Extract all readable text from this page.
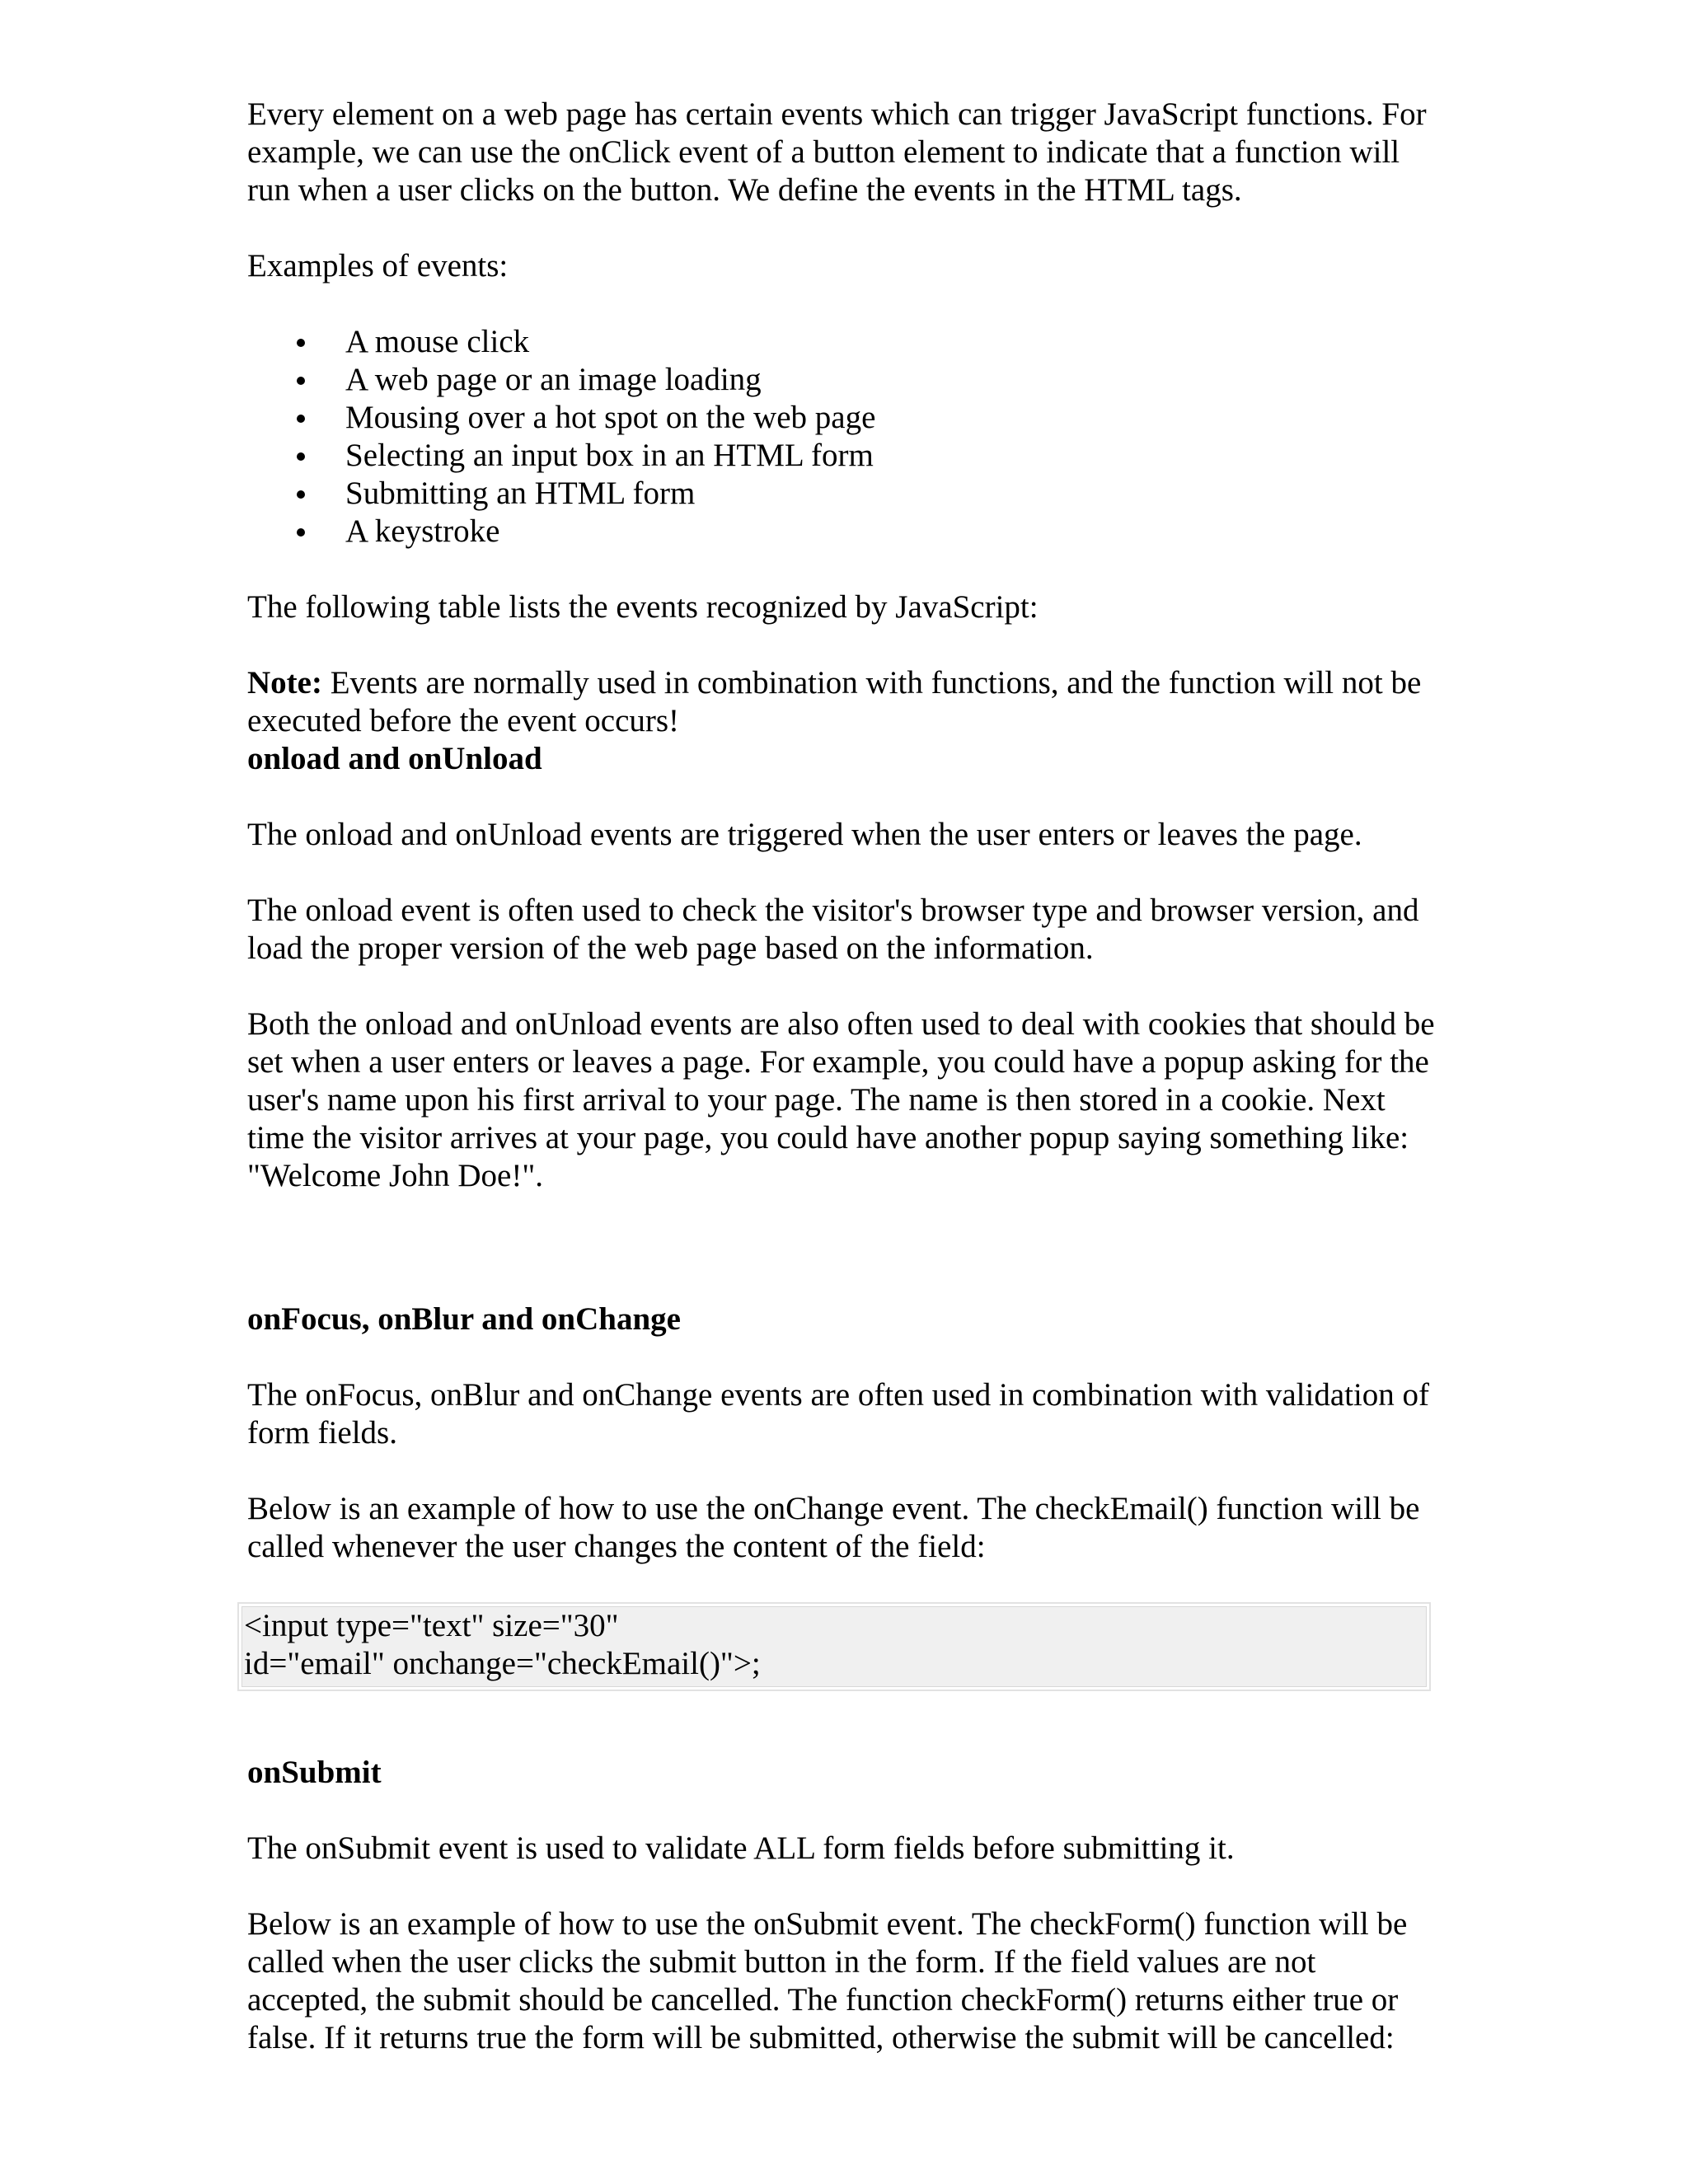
Every element on a web page has certain events which can trigger JavaScript functions. For example, we can use the onClick event of a button element to indicate that a function will run when a user clicks on the button. We define the events in the HTML tags.

Examples of events:

A mouse click
A web page or an image loading
Mousing over a hot spot on the web page
Selecting an input box in an HTML form
Submitting an HTML form
A keystroke

The following table lists the events recognized by JavaScript:

Note: Events are normally used in combination with functions, and the function will not be executed before the event occurs!

onload and onUnload

The onload and onUnload events are triggered when the user enters or leaves the page.

The onload event is often used to check the visitor's browser type and browser version, and load the proper version of the web page based on the information.

Both the onload and onUnload events are also often used to deal with cookies that should be set when a user enters or leaves a page. For example, you could have a popup asking for the user's name upon his first arrival to your page. The name is then stored in a cookie. Next time the visitor arrives at your page, you could have another popup saying something like: "Welcome John Doe!".

onFocus, onBlur and onChange

The onFocus, onBlur and onChange events are often used in combination with validation of form fields.

Below is an example of how to use the onChange event. The checkEmail() function will be called whenever the user changes the content of the field:

<input type="text" size="30"
id="email" onchange="checkEmail()">;
onSubmit

The onSubmit event is used to validate ALL form fields before submitting it.

Below is an example of how to use the onSubmit event. The checkForm() function will be called when the user clicks the submit button in the form. If the field values are not accepted, the submit should be cancelled. The function checkForm() returns either true or false. If it returns true the form will be submitted, otherwise the submit will be cancelled:
